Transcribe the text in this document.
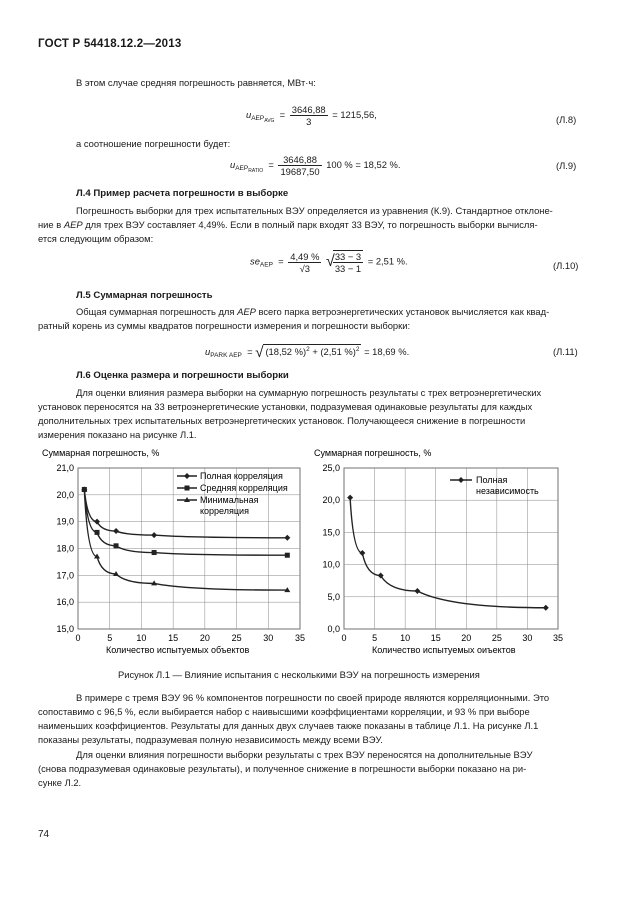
ГОСТ Р 54418.12.2—2013
В этом случае средняя погрешность равняется, МВт·ч:
$u_{AEPAVG} = \frac{3646,88}{3} = 1215,56$,	(Л.8)
а соотношение погрешности будет:
$u_{AEPRATIO} = \frac{3646,88}{19687,50} 100$ % = 18,52 %.	(Л.9)
Л.4 Пример расчета погрешности в выборке
Погрешность выборки для трех испытательных ВЭУ определяется из уравнения (К.9). Стандартное отклоне-
ние в AEP для трех ВЭУ составляет 4,49%. Если в полный парк входят 33 ВЭУ, то погрешность выборки вычисля-
ется следующим образом:
$se_{AEP} = \frac{4,49 \%}{√3}$ √
$\frac{33 - 3}{33 - 1} = 2,51$ %.	(Л.10)
Л.5 Суммарная погрешность
Общая суммарная погрешность для AEP всего парка ветроэнергетических установок вычисляется как квад-
ратный корень из суммы квадратов погрешности измерения и погрешности выборки:
$u_{PARK AEP}$  = √ (18,52 %)$^2$ + (2,51 %)$^2$ = 18,69 %.	(Л.11)
Л.6 Оценка размера и погрешности выборки
Для оценки влияния размера выборки на суммарную погрешность результаты с трех ветроэнергетических
установок переносятся на 33 ветроэнергетические установки, подразумевая одинаковые результаты для каждых
дополнительных трех испытательных ветроэнергетических установок. Получающееся снижение в погрешности
измерения показано на рисунке Л.1.
Суммарная погрешность, %
15,0
16,0
17,0
18,0
19,0
20,0
21,0
0	5	10 15 20 25 30 35
Полная корреляция
Средняя корреляция
Минимальная
корреляция
Количество испытуемых объектов
Суммарная погрешность, %
0,0
5,0
10,0
15,0
20,0
25,0
0	5	10 15 20 25 30 35
Полная
независимость
Количество испытуемых оиъектов
Рисунок Л.1 — Влияние испытания с несколькими ВЭУ на погрешность измерения
В примере с тремя ВЭУ 96 % компонентов погрешности по своей природе являются корреляционными. Это
сопоставимо с 96,5 %, если выбирается набор с наивысшими коэффициентами корреляции, и 93 % при выборе
наименьших коэффициентов. Результаты для данных двух случаев также показаны в таблице Л.1. На рисунке Л.1
показаны результаты, подразумевая полную независимость между всеми ВЭУ.
Для оценки влияния погрешности выборки результаты с трех ВЭУ переносятся на дополнительные ВЭУ
(снова подразумевая одинаковые результаты), и полученное снижение в погрешности выборки показано на ри-
сунке Л.2.
74
